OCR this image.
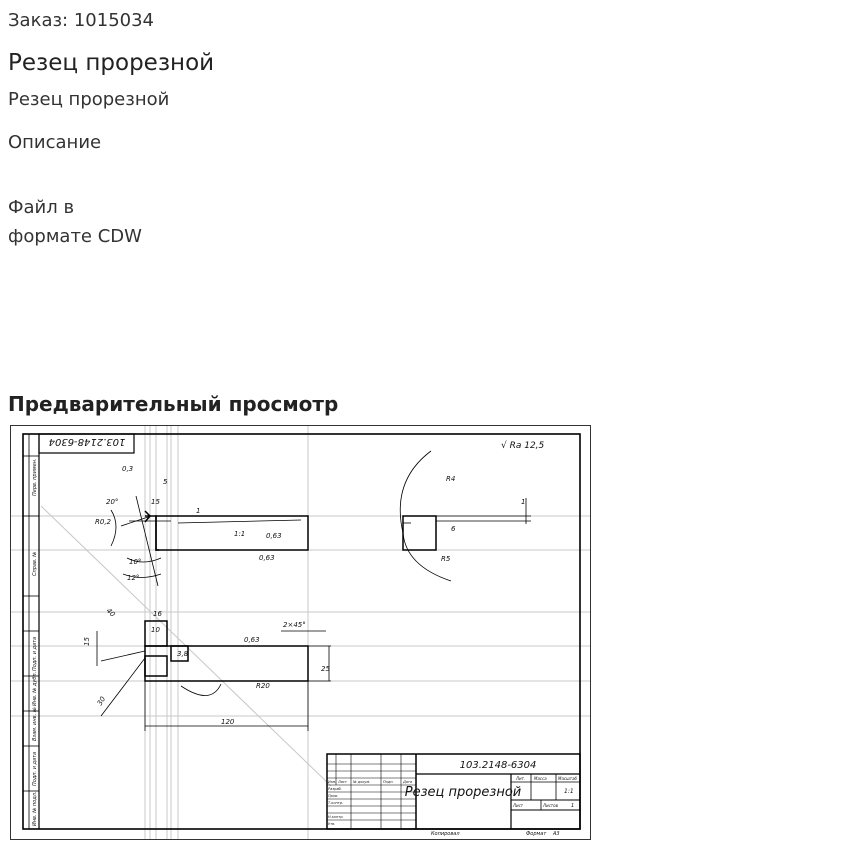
Заказ: 1015034
Резец прорезной
Резец прорезной
Описание
Файл в
формате CDW
Предварительный просмотр
Перв. примен.
Справ. №
Подп. и дата
Инв. № дубл.
Взам. инв. №
Подп. и дата
Инв. № подл.
103.2148-6304	√ Ra 12,5
0,3
5
15
R0,2
20°
10°
12°
1
0,63
0,63
1:1
R4
R5
1
6
16
10
3,8
25
2×45°
120
0,63
R20
40
15
30
103.2148-6304
Резец прорезной
Лит. Масса	Масштаб
1:1
Лист	Листов	1
Копировал	Формат А3
Изм. Лист № докум.	Подп.	Дата
Разраб.
Пров.
Т.контр.
Н.контр.
Утв.
